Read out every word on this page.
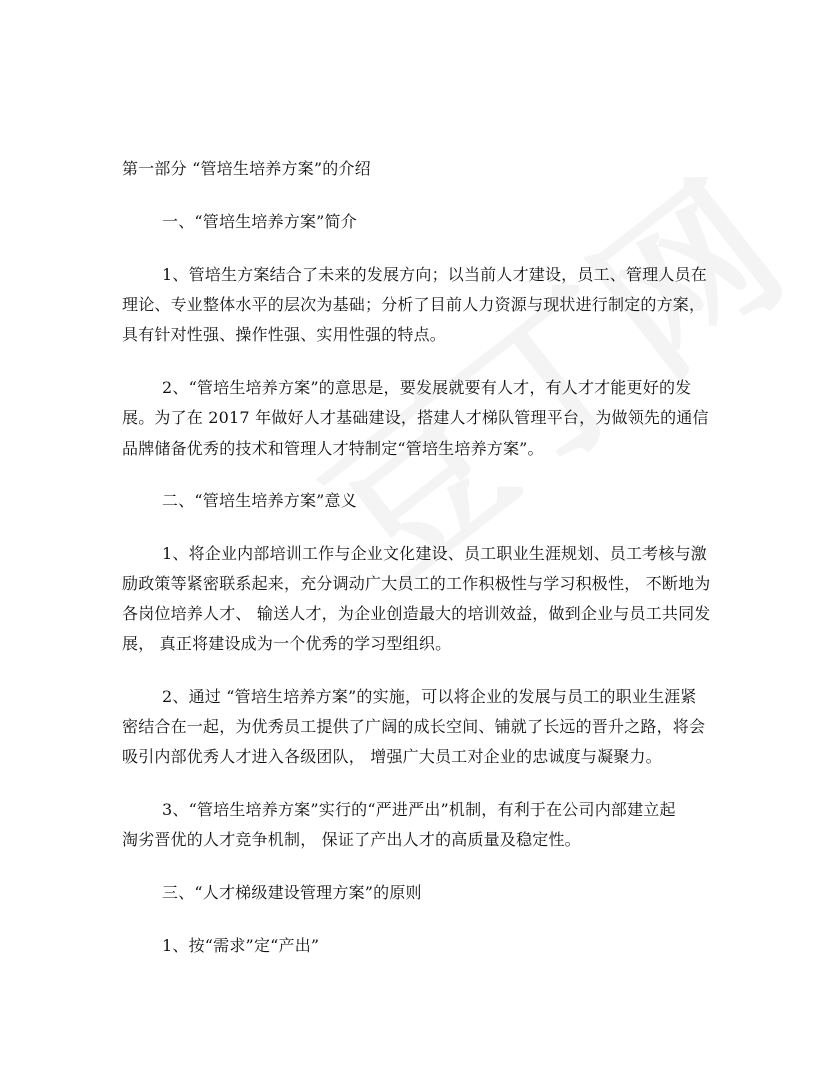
第一部分 “管培生培养方案”的介绍
一、“管培生培养方案”简介
1、管培生方案结合了未来的发展方向；以当前人才建设，员工、管理人员在
理论、专业整体水平的层次为基础；分析了目前人力资源与现状进行制定的方案，
具有针对性强、操作性强、实用性强的特点。
2、“管培生培养方案”的意思是，要发展就要有人才，有人才才能更好的发
展。为了在 2017 年做好人才基础建设，搭建人才梯队管理平台，为做领先的通信
品牌储备优秀的技术和管理人才特制定“管培生培养方案”。
二、“管培生培养方案”意义
1、将企业内部培训工作与企业文化建设、员工职业生涯规划、员工考核与激
励政策等紧密联系起来，充分调动广大员工的工作积极性与学习积极性， 不断地为
各岗位培养人才、 输送人才，为企业创造最大的培训效益，做到企业与员工共同发
展， 真正将建设成为一个优秀的学习型组织。
2、通过 “管培生培养方案”的实施，可以将企业的发展与员工的职业生涯紧
密结合在一起，为优秀员工提供了广阔的成长空间、铺就了长远的晋升之路，将会
吸引内部优秀人才进入各级团队， 增强广大员工对企业的忠诚度与凝聚力。
3、“管培生培养方案”实行的“严进严出”机制，有利于在公司内部建立起
淘劣晋优的人才竞争机制， 保证了产出人才的高质量及稳定性。
三、“人才梯级建设管理方案”的原则
1、按“需求”定“产出”
